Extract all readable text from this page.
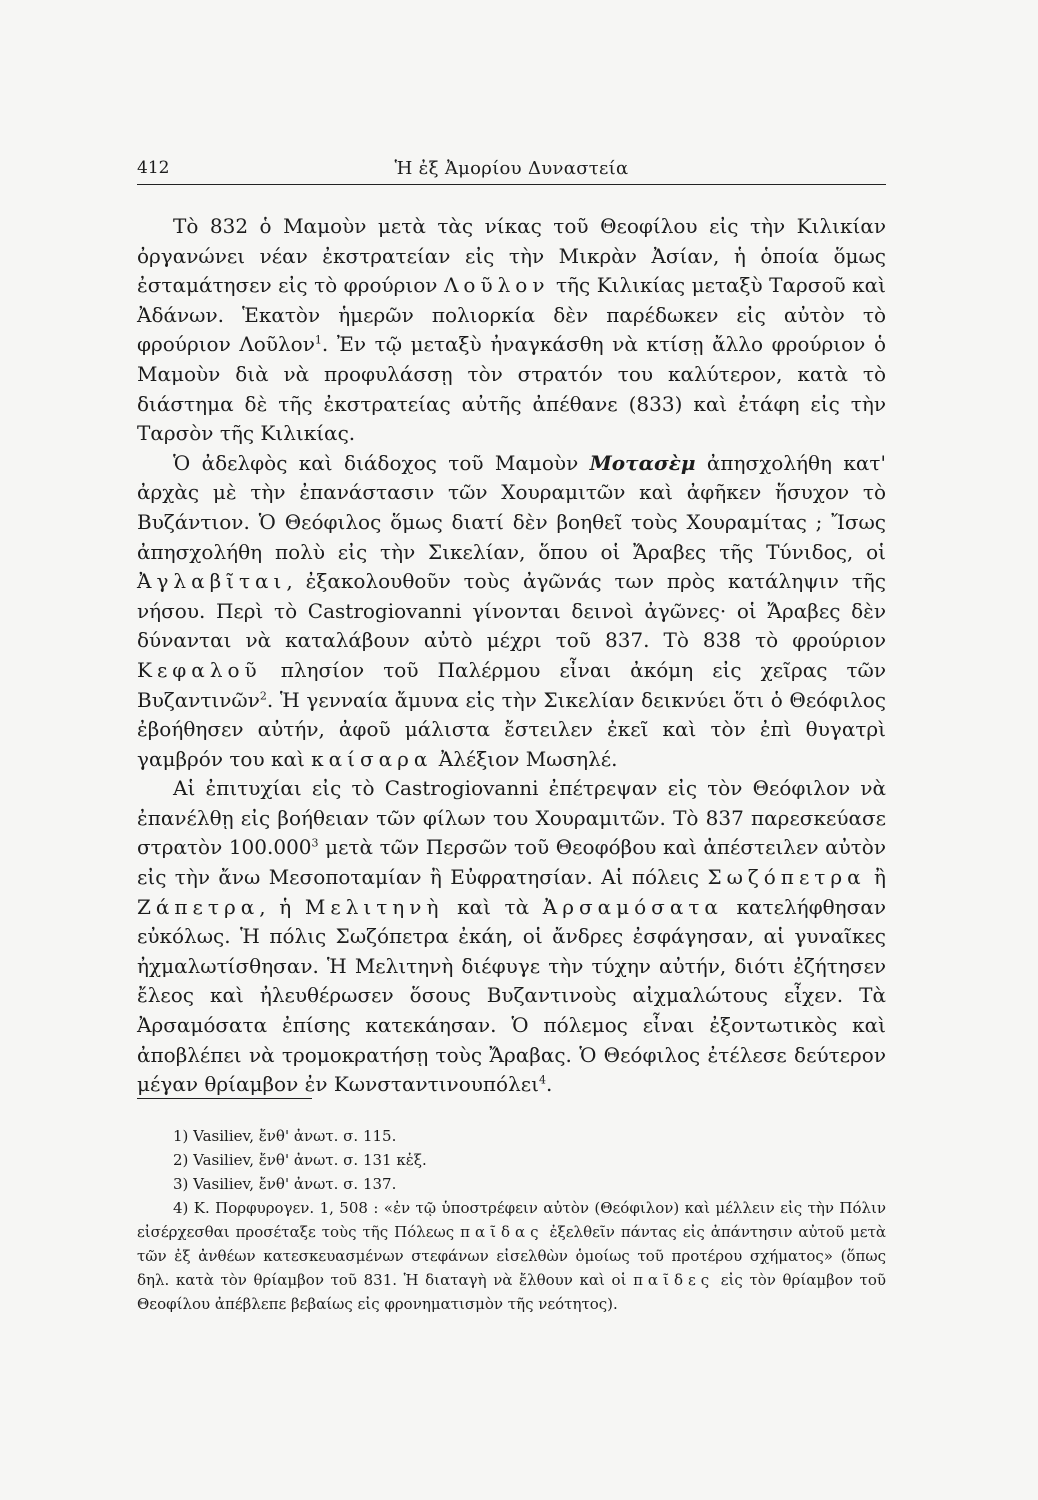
412	Ἡ ἐξ Ἀμορίου Δυναστεία

Τὸ 832 ὁ Μαμοὺν μετὰ τὰς νίκας τοῦ Θεοφίλου εἰς τὴν Κιλικίαν ὀργανώνει νέαν ἐκστρατείαν εἰς τὴν Μικρὰν Ἀσίαν, ἡ ὁποία ὅμως ἐσταμάτησεν εἰς τὸ φρούριον Λοῦλον τῆς Κιλικίας μεταξὺ Ταρσοῦ καὶ Ἀδάνων. Ἑκατὸν ἡμερῶν πολιορκία δὲν παρέδωκεν εἰς αὐτὸν τὸ φρούριον Λοῦλον$^1$. Ἐν τῷ μεταξὺ ἠναγκάσθη νὰ κτίσῃ ἄλλο φρούριον ὁ Μαμοὺν διὰ νὰ προφυλάσσῃ τὸν στρατόν του καλύτερον, κατὰ τὸ διάστημα δὲ τῆς ἐκστρατείας αὐτῆς ἀπέθανε (833) καὶ ἐτάφη εἰς τὴν Ταρσὸν τῆς Κιλικίας.

Ὁ ἀδελφὸς καὶ διάδοχος τοῦ Μαμοὺν Μοτασὲμ ἀπησχολήθη κατ' ἀρχὰς μὲ τὴν ἐπανάστασιν τῶν Χουραμιτῶν καὶ ἀφῆκεν ἥσυχον τὸ Βυζάντιον. Ὁ Θεόφιλος ὅμως διατί δὲν βοηθεῖ τοὺς Χουραμίτας ; Ἴσως ἀπησχολήθη πολὺ εἰς τὴν Σικελίαν, ὅπου οἱ Ἄραβες τῆς Τύνιδος, οἱ Ἀγλαβῖται, ἐξακολουθοῦν τοὺς ἀγῶνάς των πρὸς κατάληψιν τῆς νήσου. Περὶ τὸ Castrogiovanni γίνονται δεινοὶ ἀγῶνες· οἱ Ἄραβες δὲν δύνανται νὰ καταλάβουν αὐτὸ μέχρι τοῦ 837. Τὸ 838 τὸ φρούριον Κεφαλοῦ πλησίον τοῦ Παλέρμου εἶναι ἀκόμη εἰς χεῖρας τῶν Βυζαντινῶν$^2$. Ἡ γενναία ἄμυνα εἰς τὴν Σικελίαν δεικνύει ὅτι ὁ Θεόφιλος ἐβοήθησεν αὐτήν, ἀφοῦ μάλιστα ἔστειλεν ἐκεῖ καὶ τὸν ἐπὶ θυγατρὶ γαμβρόν του καὶ καίσαρα Ἀλέξιον Μωσηλέ.

Αἱ ἐπιτυχίαι εἰς τὸ Castrogiovanni ἐπέτρεψαν εἰς τὸν Θεόφιλον νὰ ἐπανέλθῃ εἰς βοήθειαν τῶν φίλων του Χουραμιτῶν. Τὸ 837 παρεσκεύασε στρατὸν 100.000$^3$ μετὰ τῶν Περσῶν τοῦ Θεοφόβου καὶ ἀπέστειλεν αὐτὸν εἰς τὴν ἄνω Μεσοποταμίαν ἢ Εὐφρατησίαν. Αἱ πόλεις Σωζόπετρα ἢ Ζάπετρα, ἡ Μελιτηνὴ καὶ τὰ Ἀρσαμόσατα κατελήφθησαν εὐκόλως. Ἡ πόλις Σωζόπετρα ἐκάη, οἱ ἄνδρες ἐσφάγησαν, αἱ γυναῖκες ἠχμαλωτίσθησαν. Ἡ Μελιτηνὴ διέφυγε τὴν τύχην αὐτήν, διότι ἐζήτησεν ἔλεος καὶ ἠλευθέρωσεν ὅσους Βυζαντινοὺς αἰχμαλώτους εἶχεν. Τὰ Ἀρσαμόσατα ἐπίσης κατεκάησαν. Ὁ πόλεμος εἶναι ἐξοντωτικὸς καὶ ἀποβλέπει νὰ τρομοκρατήσῃ τοὺς Ἄραβας. Ὁ Θεόφιλος ἐτέλεσε δεύτερον μέγαν θρίαμβον ἐν Κωνσταντινουπόλει$^4$.

1) Vasiliev, ἔνθ' ἀνωτ. σ. 115.
2) Vasiliev, ἔνθ' ἀνωτ. σ. 131 κἑξ.
3) Vasiliev, ἔνθ' ἀνωτ. σ. 137.
4) Κ. Πορφυρογεν. 1, 508 : «ἐν τῷ ὑποστρέφειν αὐτὸν (Θεόφιλον) καὶ μέλλειν εἰς τὴν Πόλιν εἰσέρχεσθαι προσέταξε τοὺς τῆς Πόλεως παῖδας ἐξελθεῖν πάντας εἰς ἀπάντησιν αὐτοῦ μετὰ τῶν ἐξ ἀνθέων κατεσκευασμένων στεφάνων εἰσελθὼν ὁμοίως τοῦ προτέρου σχήματος» (ὅπως δηλ. κατὰ τὸν θρίαμβον τοῦ 831. Ἡ διαταγὴ νὰ ἔλθουν καὶ οἱ παῖδες εἰς τὸν θρίαμβον τοῦ Θεοφίλου ἀπέβλεπε βεβαίως εἰς φρονηματισμὸν τῆς νεότητος).
